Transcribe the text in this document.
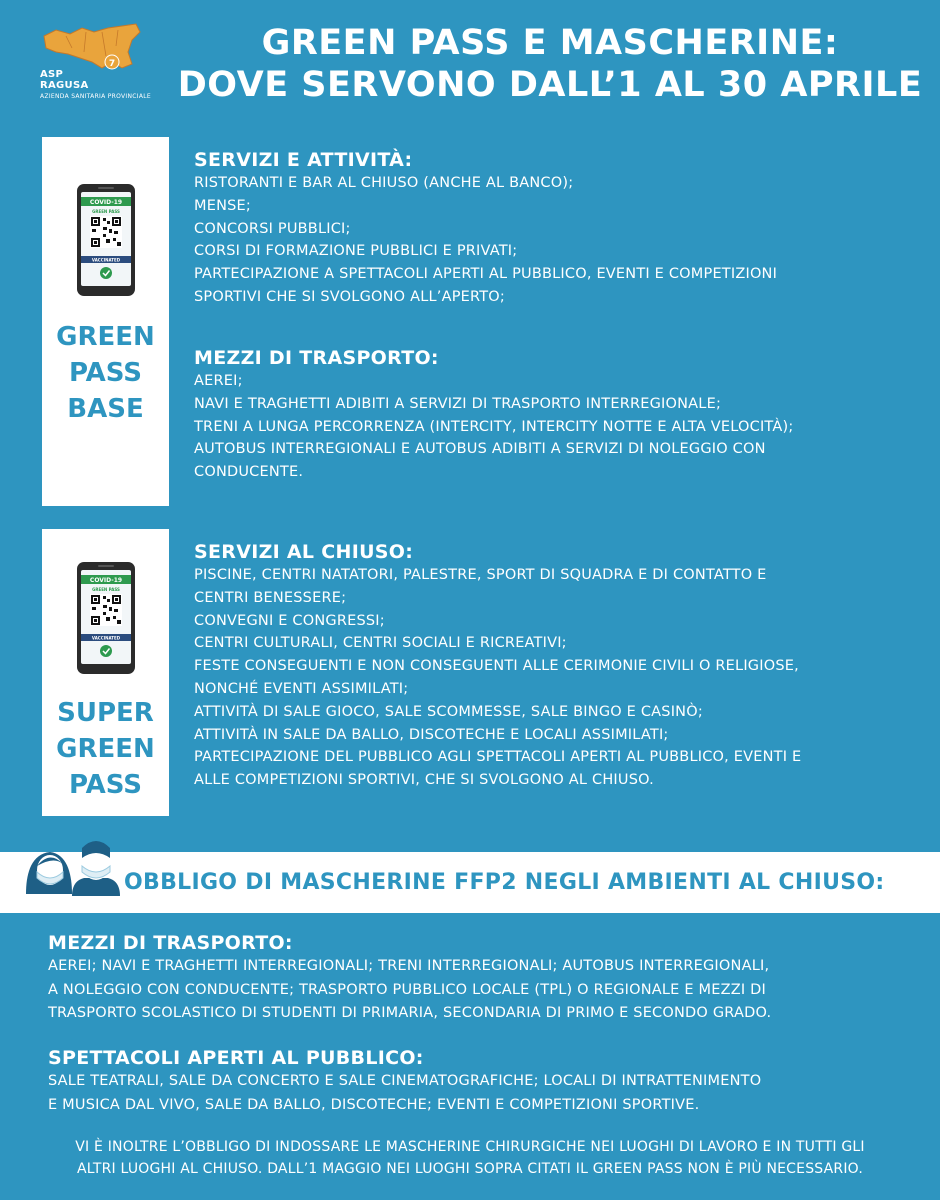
7
ASP
RAGUSA
AZIENDA SANITARIA PROVINCIALE
GREEN PASS E MASCHERINE:
DOVE SERVONO DALL’1 AL 30 APRILE
COVID-19
GREEN PASS
VACCINATED
GREEN
PASS
BASE
SERVIZI E ATTIVITÀ:
RISTORANTI E BAR AL CHIUSO (ANCHE AL BANCO);
MENSE;
CONCORSI PUBBLICI;
CORSI DI FORMAZIONE PUBBLICI E PRIVATI;
PARTECIPAZIONE A SPETTACOLI APERTI AL PUBBLICO, EVENTI E COMPETIZIONI
SPORTIVI CHE SI SVOLGONO ALL’APERTO;
MEZZI DI TRASPORTO:
AEREI;
NAVI E TRAGHETTI ADIBITI A SERVIZI DI TRASPORTO INTERREGIONALE;
TRENI A LUNGA PERCORRENZA (INTERCITY, INTERCITY NOTTE E ALTA VELOCITÀ);
AUTOBUS INTERREGIONALI E AUTOBUS ADIBITI A SERVIZI DI NOLEGGIO CON
CONDUCENTE.
COVID-19
GREEN PASS
VACCINATED
SUPER
GREEN
PASS
SERVIZI AL CHIUSO:
PISCINE, CENTRI NATATORI, PALESTRE, SPORT DI SQUADRA E DI CONTATTO E
CENTRI BENESSERE;
CONVEGNI E CONGRESSI;
CENTRI CULTURALI, CENTRI SOCIALI E RICREATIVI;
FESTE CONSEGUENTI E NON CONSEGUENTI ALLE CERIMONIE CIVILI O RELIGIOSE,
NONCHÉ EVENTI ASSIMILATI;
ATTIVITÀ DI SALE GIOCO, SALE SCOMMESSE, SALE BINGO E CASINÒ;
ATTIVITÀ IN SALE DA BALLO, DISCOTECHE E LOCALI ASSIMILATI;
PARTECIPAZIONE DEL PUBBLICO AGLI SPETTACOLI APERTI AL PUBBLICO, EVENTI E
ALLE COMPETIZIONI SPORTIVI, CHE SI SVOLGONO AL CHIUSO.
OBBLIGO DI MASCHERINE FFP2 NEGLI AMBIENTI AL CHIUSO:
MEZZI DI TRASPORTO:
AEREI; NAVI E TRAGHETTI INTERREGIONALI; TRENI INTERREGIONALI; AUTOBUS INTERREGIONALI,
A NOLEGGIO CON CONDUCENTE; TRASPORTO PUBBLICO LOCALE (TPL) O REGIONALE E MEZZI DI
TRASPORTO SCOLASTICO DI STUDENTI DI PRIMARIA, SECONDARIA DI PRIMO E SECONDO GRADO.
SPETTACOLI APERTI AL PUBBLICO:
SALE TEATRALI, SALE DA CONCERTO E SALE CINEMATOGRAFICHE; LOCALI DI INTRATTENIMENTO
E MUSICA DAL VIVO, SALE DA BALLO, DISCOTECHE; EVENTI E COMPETIZIONI SPORTIVE.
VI È INOLTRE L’OBBLIGO DI INDOSSARE LE MASCHERINE CHIRURGICHE NEI LUOGHI DI LAVORO E IN TUTTI GLI
ALTRI LUOGHI AL CHIUSO. DALL’1 MAGGIO NEI LUOGHI SOPRA CITATI IL GREEN PASS NON È PIÙ NECESSARIO.
